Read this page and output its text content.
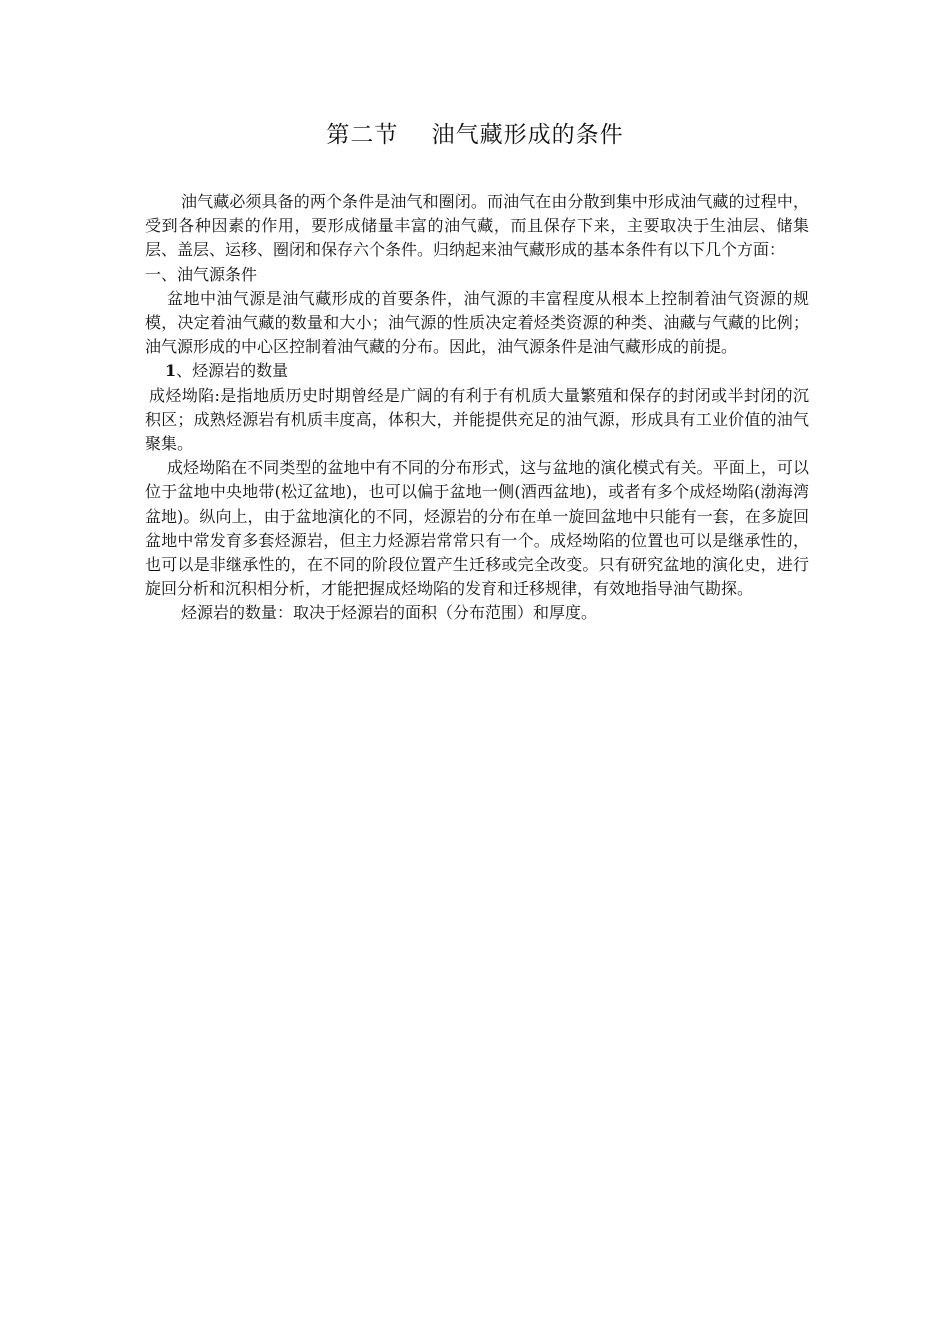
第二节    油气藏形成的条件

油气藏必须具备的两个条件是油气和圈闭。而油气在由分散到集中形成油气藏的过程中，受到各种因素的作用，要形成储量丰富的油气藏，而且保存下来，主要取决于生油层、储集层、盖层、运移、圈闭和保存六个条件。归纳起来油气藏形成的基本条件有以下几个方面：

一、油气源条件

盆地中油气源是油气藏形成的首要条件，油气源的丰富程度从根本上控制着油气资源的规模，决定着油气藏的数量和大小；油气源的性质决定着烃类资源的种类、油藏与气藏的比例；油气源形成的中心区控制着油气藏的分布。因此，油气源条件是油气藏形成的前提。

1、烃源岩的数量

成烃坳陷:是指地质历史时期曾经是广阔的有利于有机质大量繁殖和保存的封闭或半封闭的沉积区；成熟烃源岩有机质丰度高，体积大，并能提供充足的油气源，形成具有工业价值的油气聚集。

成烃坳陷在不同类型的盆地中有不同的分布形式，这与盆地的演化模式有关。平面上，可以位于盆地中央地带(松辽盆地)，也可以偏于盆地一侧(酒西盆地)，或者有多个成烃坳陷(渤海湾盆地)。纵向上，由于盆地演化的不同，烃源岩的分布在单一旋回盆地中只能有一套，在多旋回盆地中常发育多套烃源岩，但主力烃源岩常常只有一个。成烃坳陷的位置也可以是继承性的，也可以是非继承性的，在不同的阶段位置产生迁移或完全改变。只有研究盆地的演化史，进行旋回分析和沉积相分析，才能把握成烃坳陷的发育和迁移规律，有效地指导油气勘探。

烃源岩的数量：取决于烃源岩的面积（分布范围）和厚度。
